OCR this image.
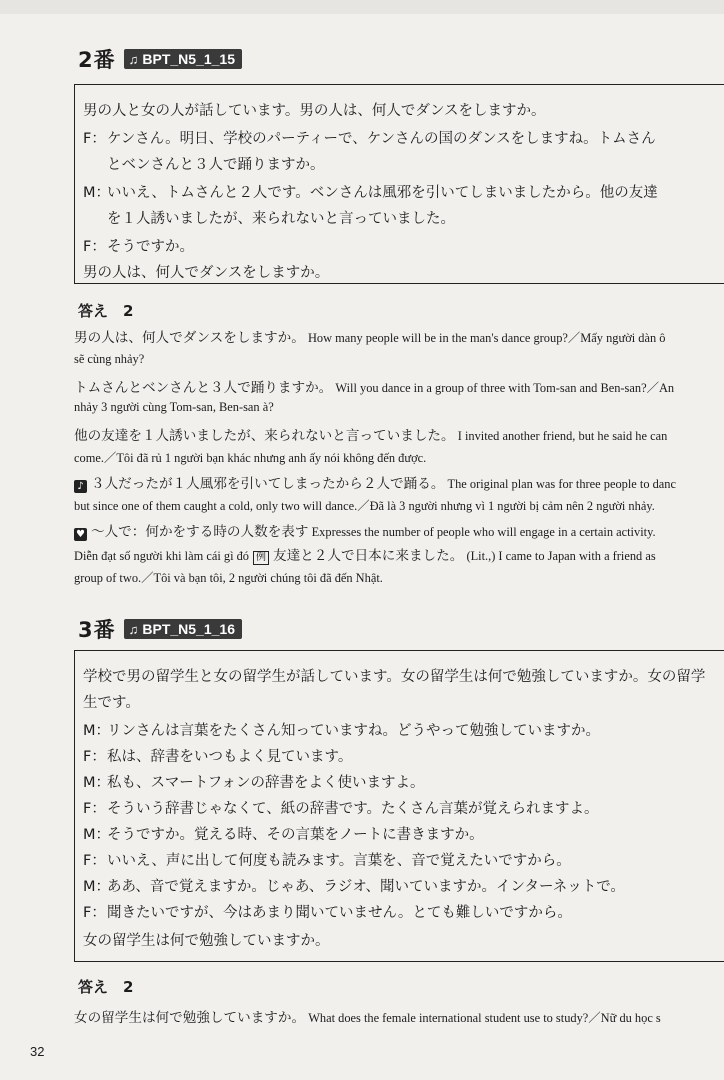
2番 ♫ BPT_N5_1_15
男の人と女の人が話しています。男の人は、何人でダンスをしますか。
F：ケンさん。明日、学校のパーティーで、ケンさんの国のダンスをしますね。トムさん
とベンさんと３人で踊りますか。
M：いいえ、トムさんと２人です。ベンさんは風邪を引いてしまいましたから。他の友達
を１人誘いましたが、来られないと言っていました。
F：そうですか。
男の人は、何人でダンスをしますか。
答え　2
男の人は、何人でダンスをしますか。 How many people will be in the man's dance group?／Mấy người dàn ô
sẽ cùng nhảy?
トムさんとベンさんと３人で踊りますか。 Will you dance in a group of three with Tom-san and Ben-san?／An
nhảy 3 người cùng Tom-san, Ben-san à?
他の友達を１人誘いましたが、来られないと言っていました。 I invited another friend, but he said he can
come.／Tôi đã rủ 1 người bạn khác nhưng anh ấy nói không đến được.
♪ ３人だったが１人風邪を引いてしまったから２人で踊る。 The original plan was for three people to danc
but since one of them caught a cold, only two will dance.／Đã là 3 người nhưng vì 1 người bị cảm nên 2 người nhảy.
♥ ～人で：何かをする時の人数を表す Expresses the number of people who will engage in a certain activity.
Diễn đạt số người khi làm cái gì đó 例 友達と２人で日本に来ました。 (Lit.,) I came to Japan with a friend as
group of two.／Tôi và bạn tôi, 2 người chúng tôi đã đến Nhật.
3番 ♫ BPT_N5_1_16
学校で男の留学生と女の留学生が話しています。女の留学生は何で勉強していますか。女の留学
生です。
M：リンさんは言葉をたくさん知っていますね。どうやって勉強していますか。
F：私は、辞書をいつもよく見ています。
M：私も、スマートフォンの辞書をよく使いますよ。
F：そういう辞書じゃなくて、紙の辞書です。たくさん言葉が覚えられますよ。
M：そうですか。覚える時、その言葉をノートに書きますか。
F：いいえ、声に出して何度も読みます。言葉を、音で覚えたいですから。
M：ああ、音で覚えますか。じゃあ、ラジオ、聞いていますか。インターネットで。
F：聞きたいですが、今はあまり聞いていません。とても難しいですから。
女の留学生は何で勉強していますか。
答え　2
女の留学生は何で勉強していますか。 What does the female international student use to study?／Nữ du học s
32
